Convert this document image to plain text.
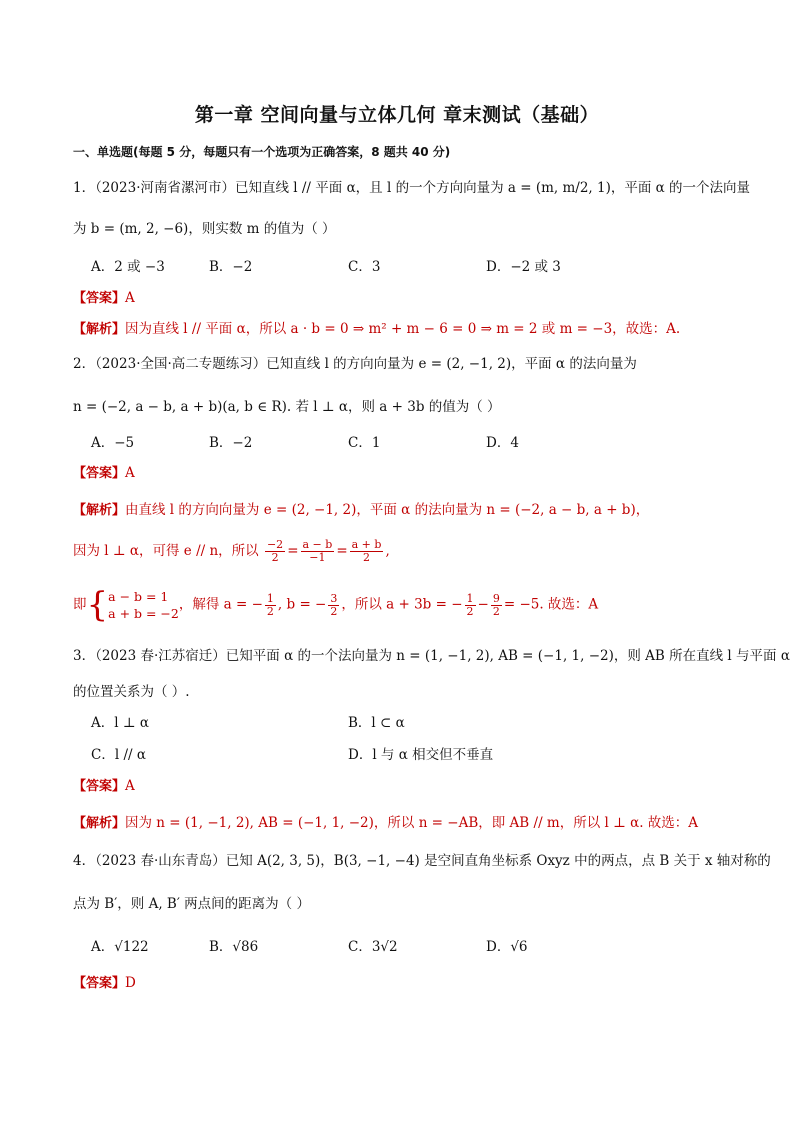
第一章 空间向量与立体几何 章末测试（基础）
一、单选题(每题 5 分，每题只有一个选项为正确答案，8 题共 40 分)
1．（2023·河南省漯河市）已知直线 l // 平面 α，且 l 的一个方向向量为 a = (m, m/2, 1)，平面 α 的一个法向量
为 b = (m, 2, −6)，则实数 m 的值为（ ）
A．2 或 −3	B．−2	C．3	D．−2 或 3
【答案】A
【解析】因为直线 l // 平面 α，所以 a · b = 0 ⇒ m² + m − 6 = 0 ⇒ m = 2 或 m = −3，故选：A.
2．（2023·全国·高二专题练习）已知直线 l 的方向向量为 e = (2, −1, 2)，平面 α 的法向量为
n = (−2, a − b, a + b)(a, b ∈ R). 若 l ⊥ α，则 a + 3b 的值为（ ）
A．−5	B．−2	C．1	D．4
【答案】A
【解析】由直线 l 的方向向量为 e = (2, −1, 2)，平面 α 的法向量为 n = (−2, a − b, a + b)，
因为 l ⊥ α，可得 e // n，所以 $\frac{-2}{2} = \frac{a - b}{-1} = \frac{a + b}{2}$ ,
即{ a − b = 1
a + b = −2
，解得 a = − $\frac{1}{2}$ , b = − $\frac{3}{2}$ ，所以 a + 3b = − $\frac{1}{2} - \frac{9}{2} = -5$. 故选：A
3．（2023 春·江苏宿迁）已知平面 α 的一个法向量为 n = (1, −1, 2), AB = (−1, 1, −2)，则 AB 所在直线 l 与平面 α
的位置关系为（ ）.
A．l ⊥ α	B．l ⊂ α
C．l // α	D．l 与 α 相交但不垂直
【答案】A
【解析】因为 n = (1, −1, 2), AB = (−1, 1, −2)，所以 n = −AB，即 AB // m，所以 l ⊥ α. 故选：A
4．（2023 春·山东青岛）已知 A(2, 3, 5)，B(3, −1, −4) 是空间直角坐标系 Oxyz 中的两点，点 B 关于 x 轴对称的
点为 B′，则 A, B′ 两点间的距离为（ ）
A．√122	B．√86	C．3√2	D．√6
【答案】D
